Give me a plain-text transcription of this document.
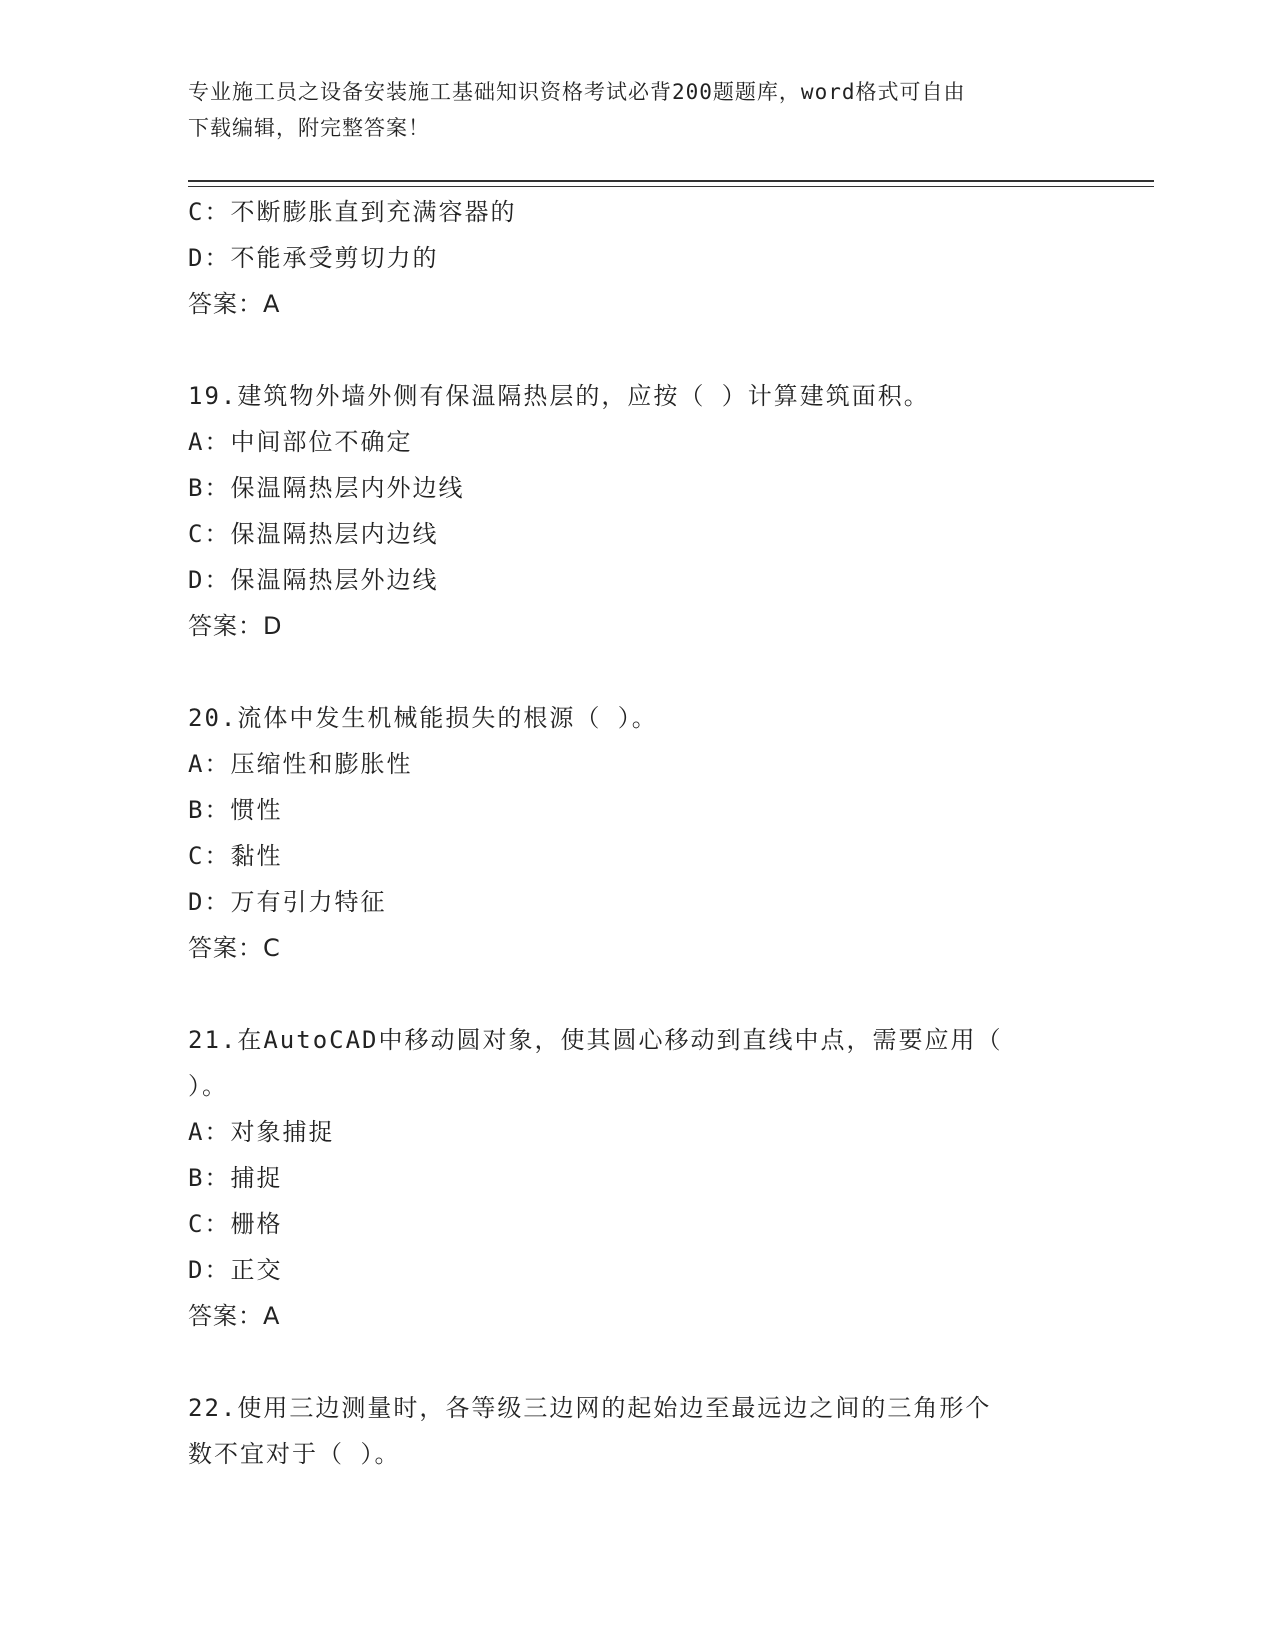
专业施工员之设备安装施工基础知识资格考试必背200题题库，word格式可自由
下载编辑，附完整答案！
C：不断膨胀直到充满容器的
D：不能承受剪切力的
答案：A
19.建筑物外墙外侧有保温隔热层的，应按（ ）计算建筑面积。
A：中间部位不确定
B：保温隔热层内外边线
C：保温隔热层内边线
D：保温隔热层外边线
答案：D
20.流体中发生机械能损失的根源（ ）。
A：压缩性和膨胀性
B：惯性
C：黏性
D：万有引力特征
答案：C
21.在AutoCAD中移动圆对象，使其圆心移动到直线中点，需要应用（
）。
A：对象捕捉
B：捕捉
C：栅格
D：正交
答案：A
22.使用三边测量时，各等级三边网的起始边至最远边之间的三角形个
数不宜对于（ ）。
